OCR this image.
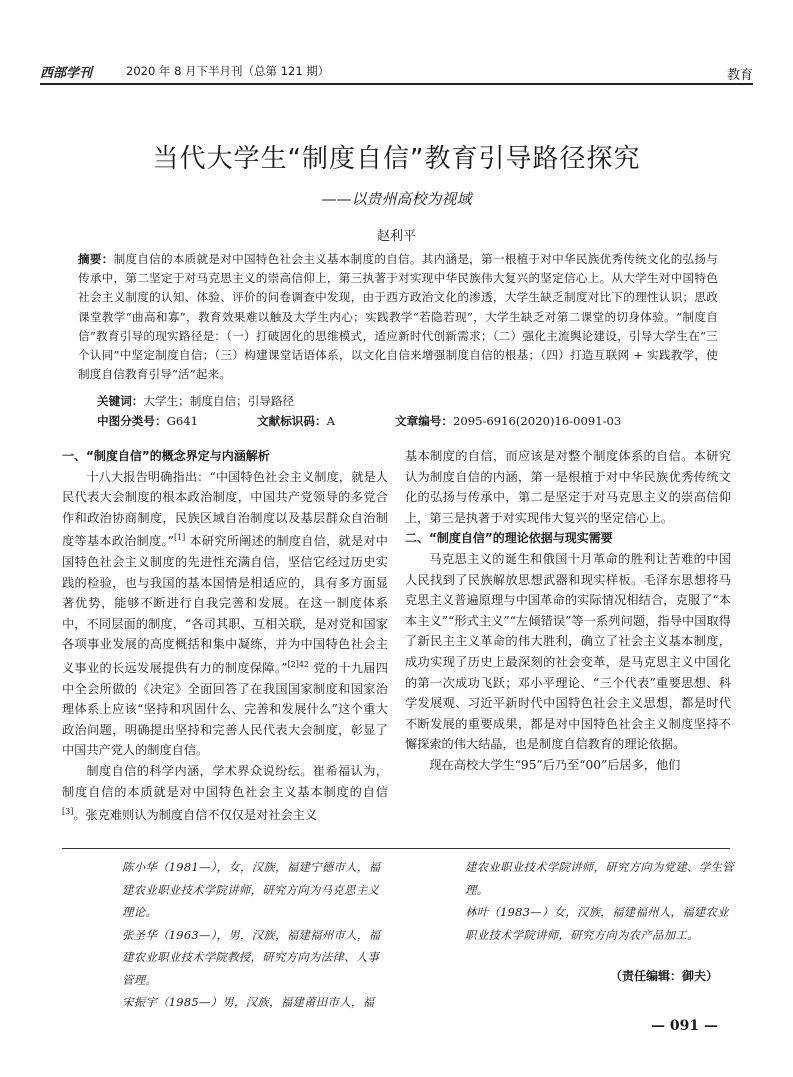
西部学刊	2020 年 8 月下半月刊（总第 121 期）	教育
当代大学生“制度自信”教育引导路径探究
——以贵州高校为视域
赵利平
摘要：制度自信的本质就是对中国特色社会主义基本制度的自信。其内涵是，第一根植于对中华民族优秀传统文化的弘扬与传承中，第二坚定于对马克思主义的崇高信仰上，第三执著于对实现中华民族伟大复兴的坚定信心上。从大学生对中国特色社会主义制度的认知、体验、评价的问卷调查中发现，由于西方政治文化的渗透，大学生缺乏制度对比下的理性认识；思政课堂教学“曲高和寡”，教育效果难以触及大学生内心；实践教学“若隐若现”，大学生缺乏对第二课堂的切身体验。“制度自信”教育引导的现实路径是：（一）打破固化的思维模式，适应新时代创新需求；（二）强化主流舆论建设，引导大学生在“三个认同”中坚定制度自信；（三）构建课堂话语体系，以文化自信来增强制度自信的根基；（四）打造互联网 + 实践教学，使制度自信教育引导“活”起来。
关键词：大学生；制度自信；引导路径
中图分类号：G641	文献标识码：A	文章编号：2095-6916(2020)16-0091-03
一、“制度自信”的概念界定与内涵解析

十八大报告明确指出：“中国特色社会主义制度，就是人民代表大会制度的根本政治制度，中国共产党领导的多党合作和政治协商制度，民族区域自治制度以及基层群众自治制度等基本政治制度。”[1] 本研究所阐述的制度自信，就是对中国特色社会主义制度的先进性充满自信，坚信它经过历史实践的检验，也与我国的基本国情是相适应的，具有多方面显著优势，能够不断进行自我完善和发展。在这一制度体系中，不同层面的制度，“各司其职、互相关联，是对党和国家各项事业发展的高度概括和集中凝练，并为中国特色社会主义事业的长远发展提供有力的制度保障。”$^{[2]42}$ 党的十九届四中全会所做的《决定》全面回答了在我国国家制度和国家治理体系上应该“坚持和巩固什么、完善和发展什么”这个重大政治问题，明确提出坚持和完善人民代表大会制度，彰显了中国共产党人的制度自信。

制度自信的科学内涵，学术界众说纷纭。崔希福认为，制度自信的本质就是对中国特色社会主义基本制度的自信[3]。张克难则认为制度自信不仅仅是对社会主义

基本制度的自信，而应该是对整个制度体系的自信。本研究认为制度自信的内涵，第一是根植于对中华民族优秀传统文化的弘扬与传承中，第二是坚定于对马克思主义的崇高信仰上，第三是执著于对实现伟大复兴的坚定信心上。

二、“制度自信”的理论依据与现实需要

马克思主义的诞生和俄国十月革命的胜利让苦难的中国人民找到了民族解放思想武器和现实样板。毛泽东思想将马克思主义普遍原理与中国革命的实际情况相结合，克服了“本本主义”“形式主义”“左倾错误”等一系列问题，指导中国取得了新民主主义革命的伟大胜利，确立了社会主义基本制度，成功实现了历史上最深刻的社会变革，是马克思主义中国化的第一次成功飞跃；邓小平理论、“三个代表”重要思想、科学发展观、习近平新时代中国特色社会主义思想，都是时代不断发展的重要成果，都是对中国特色社会主义制度坚持不懈探索的伟大结晶，也是制度自信教育的理论依据。

现在高校大学生“95”后乃至“00”后居多，他们

陈小华（1981—），女，汉族，福建宁德市人，福建农业职业技术学院讲师，研究方向为马克思主义理论。

张圣华（1963—），男，汉族，福建福州市人，福建农业职业技术学院教授，研究方向为法律、人事管理。

宋振宇（1985—）男，汉族，福建莆田市人，福

建农业职业技术学院讲师，研究方向为党建、学生管理。

林叶（1983—）女，汉族，福建福州人，福建农业职业技术学院讲师，研究方向为农产品加工。

（责任编辑：御夫）
— 091 —
